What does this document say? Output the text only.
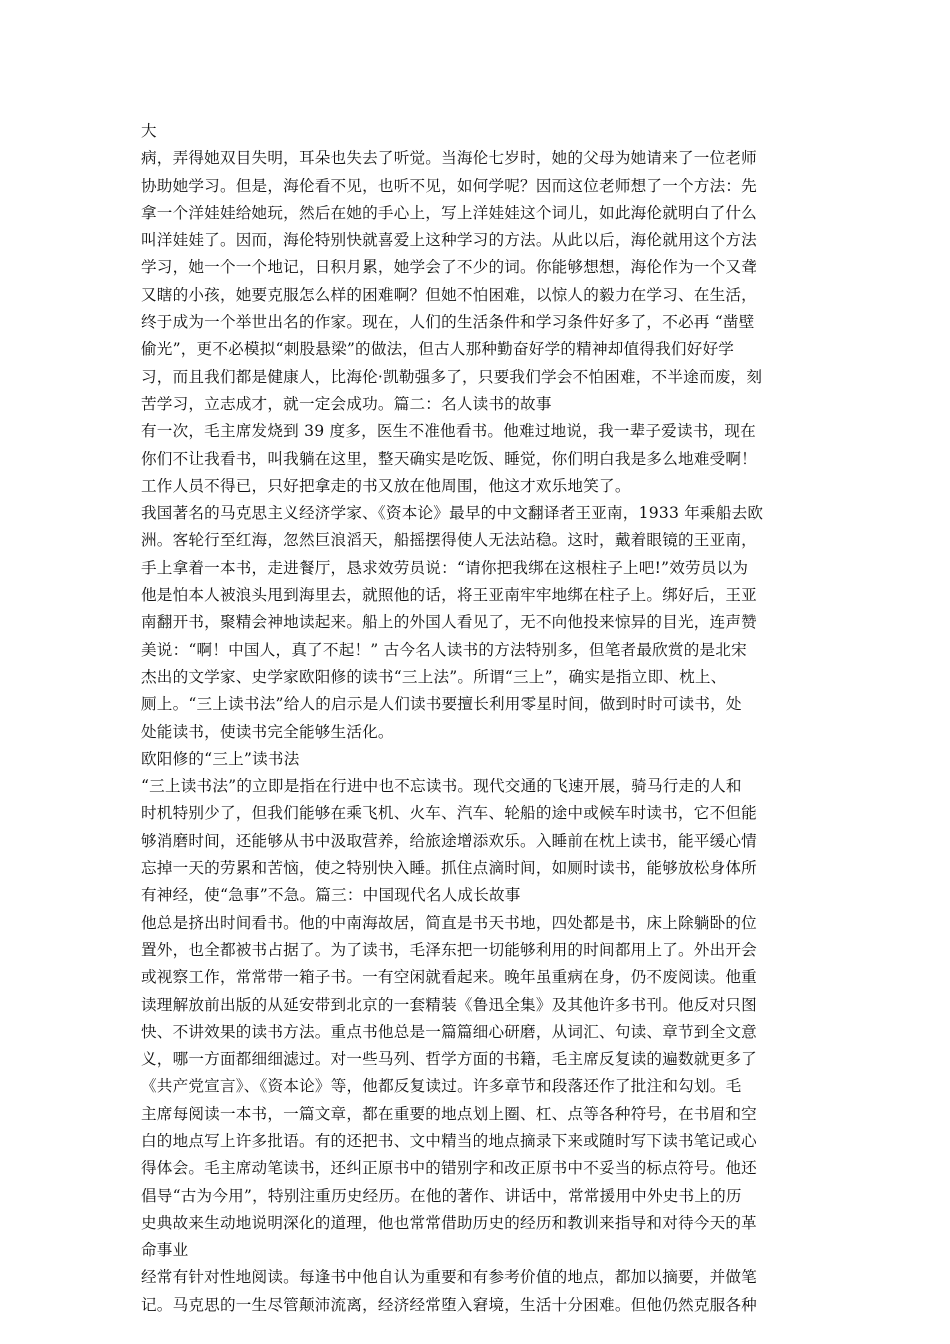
大
病，弄得她双目失明，耳朵也失去了听觉。当海伦七岁时，她的父母为她请来了一位老师
协助她学习。但是，海伦看不见，也听不见，如何学呢？因而这位老师想了一个方法：先
拿一个洋娃娃给她玩，然后在她的手心上，写上洋娃娃这个词儿，如此海伦就明白了什么
叫洋娃娃了。因而，海伦特别快就喜爱上这种学习的方法。从此以后，海伦就用这个方法
学习，她一个一个地记，日积月累，她学会了不少的词。你能够想想，海伦作为一个又聋
又瞎的小孩，她要克服怎么样的困难啊？但她不怕困难，以惊人的毅力在学习、在生活，
终于成为一个举世出名的作家。现在，人们的生活条件和学习条件好多了，不必再 “凿壁
偷光”，更不必模拟“刺股悬梁”的做法，但古人那种勤奋好学的精神却值得我们好好学
习，而且我们都是健康人，比海伦·凯勒强多了，只要我们学会不怕困难，不半途而废，刻
苦学习，立志成才，就一定会成功。篇二：名人读书的故事
有一次，毛主席发烧到 39 度多，医生不准他看书。他难过地说，我一辈子爱读书，现在
你们不让我看书，叫我躺在这里，整天确实是吃饭、睡觉，你们明白我是多么地难受啊！
工作人员不得已，只好把拿走的书又放在他周围，他这才欢乐地笑了。
我国著名的马克思主义经济学家、《资本论》最早的中文翻译者王亚南，1933 年乘船去欧
洲。客轮行至红海，忽然巨浪滔天，船摇摆得使人无法站稳。这时，戴着眼镜的王亚南，
手上拿着一本书，走进餐厅，恳求效劳员说：“请你把我绑在这根柱子上吧!”效劳员以为
他是怕本人被浪头甩到海里去，就照他的话，将王亚南牢牢地绑在柱子上。绑好后，王亚
南翻开书，聚精会神地读起来。船上的外国人看见了，无不向他投来惊异的目光，连声赞
美说：“啊！中国人，真了不起！” 古今名人读书的方法特别多，但笔者最欣赏的是北宋
杰出的文学家、史学家欧阳修的读书“三上法”。所谓“三上”，确实是指立即、枕上、
厕上。“三上读书法”给人的启示是人们读书要擅长利用零星时间，做到时时可读书，处
处能读书，使读书完全能够生活化。
欧阳修的“三上”读书法
“三上读书法”的立即是指在行进中也不忘读书。现代交通的飞速开展，骑马行走的人和
时机特别少了，但我们能够在乘飞机、火车、汽车、轮船的途中或候车时读书，它不但能
够消磨时间，还能够从书中汲取营养，给旅途增添欢乐。入睡前在枕上读书，能平缓心情
忘掉一天的劳累和苦恼，使之特别快入睡。抓住点滴时间，如厕时读书，能够放松身体所
有神经，使“急事”不急。篇三：中国现代名人成长故事
他总是挤出时间看书。他的中南海故居，简直是书天书地，四处都是书，床上除躺卧的位
置外，也全都被书占据了。为了读书，毛泽东把一切能够利用的时间都用上了。外出开会
或视察工作，常常带一箱子书。一有空闲就看起来。晚年虽重病在身，仍不废阅读。他重
读理解放前出版的从延安带到北京的一套精装《鲁迅全集》及其他许多书刊。他反对只图
快、不讲效果的读书方法。重点书他总是一篇篇细心研磨，从词汇、句读、章节到全文意
义，哪一方面都细细滤过。对一些马列、哲学方面的书籍，毛主席反复读的遍数就更多了
《共产党宣言》、《资本论》等，他都反复读过。许多章节和段落还作了批注和勾划。毛
主席每阅读一本书，一篇文章，都在重要的地点划上圈、杠、点等各种符号，在书眉和空
白的地点写上许多批语。有的还把书、文中精当的地点摘录下来或随时写下读书笔记或心
得体会。毛主席动笔读书，还纠正原书中的错别字和改正原书中不妥当的标点符号。他还
倡导“古为今用”，特别注重历史经历。在他的著作、讲话中，常常援用中外史书上的历
史典故来生动地说明深化的道理，他也常常借助历史的经历和教训来指导和对待今天的革
命事业
经常有针对性地阅读。每逢书中他自认为重要和有参考价值的地点，都加以摘要，并做笔
记。马克思的一生尽管颠沛流离，经济经常堕入窘境，生活十分困难。但他仍然克服各种
